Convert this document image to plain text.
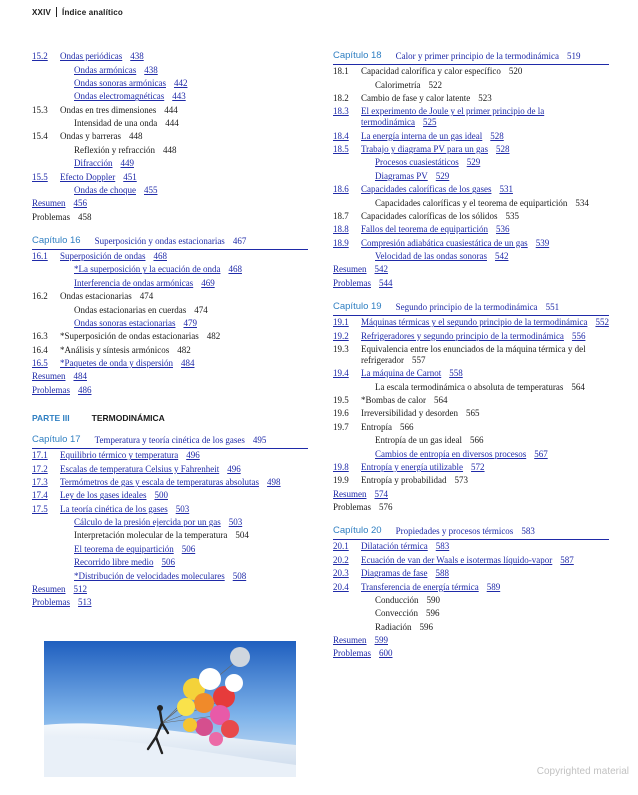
XXIV Índice analítico
15.2	Ondas periódicas 438
Ondas armónicas 438
Ondas sonoras armónicas 442
Ondas electromagnéticas 443
15.3	Ondas en tres dimensiones 444
Intensidad de una onda 444
15.4	Ondas y barreras 448
Reflexión y refracción 448
Difracción 449
15.5	Efecto Doppler 451
Ondas de choque 455
Resumen 456
Problemas 458
Capítulo 16 Superposición y ondas estacionarias 467
16.1	Superposición de ondas 468
*La superposición y la ecuación de onda 468
Interferencia de ondas armónicas 469
16.2	Ondas estacionarias 474
Ondas estacionarias en cuerdas 474
Ondas sonoras estacionarias 479
16.3	*Superposición de ondas estacionarias 482
16.4	*Análisis y síntesis armónicos 482
16.5	*Paquetes de onda y dispersión 484
Resumen 484
Problemas 486
PARTE III	TERMODINÁMICA
Capítulo 17 Temperatura y teoría cinética de los gases 495
17.1	Equilibrio térmico y temperatura 496
17.2	Escalas de temperatura Celsius y Fahrenheit 496
17.3	Termómetros de gas y escala de temperaturas absolutas 498
17.4	Ley de los gases ideales 500
17.5	La teoría cinética de los gases 503
Cálculo de la presión ejercida por un gas 503
Interpretación molecular de la temperatura 504
El teorema de equipartición 506
Recorrido libre medio 506
*Distribución de velocidades moleculares 508
Resumen 512
Problemas 513
Capítulo 18 Calor y primer principio de la termodinámica 519
18.1	Capacidad calorífica y calor específico 520
Calorimetría 522
18.2	Cambio de fase y calor latente 523
18.3	El experimento de Joule y el primer principio de la termodinámica 525
18.4	La energía interna de un gas ideal 528
18.5	Trabajo y diagrama PV para un gas 528
Procesos cuasiestáticos 529
Diagramas PV 529
18.6	Capacidades caloríficas de los gases 531
Capacidades caloríficas y el teorema de equipartición 534
18.7	Capacidades caloríficas de los sólidos 535
18.8	Fallos del teorema de equipartición 536
18.9	Compresión adiabática cuasiestática de un gas 539
Velocidad de las ondas sonoras 542
Resumen 542
Problemas 544
Capítulo 19 Segundo principio de la termodinámica 551
19.1	Máquinas térmicas y el segundo principio de la termodinámica 552
19.2	Refrigeradores y segundo principio de la termodinámica 556
19.3	Equivalencia entre los enunciados de la máquina térmica y del refrigerador 557
19.4	La máquina de Carnot 558
La escala termodinámica o absoluta de temperaturas 564
19.5	*Bombas de calor 564
19.6	Irreversibilidad y desorden 565
19.7	Entropía 566
Entropía de un gas ideal 566
Cambios de entropía en diversos procesos 567
19.8	Entropía y energía utilizable 572
19.9	Entropía y probabilidad 573
Resumen 574
Problemas 576
Capítulo 20 Propiedades y procesos térmicos 583
20.1	Dilatación térmica 583
20.2	Ecuación de van der Waals e isotermas líquido-vapor 587
20.3	Diagramas de fase 588
20.4	Transferencia de energía térmica 589
Conducción 590
Convección 596
Radiación 596
Resumen 599
Problemas 600
Copyrighted material
